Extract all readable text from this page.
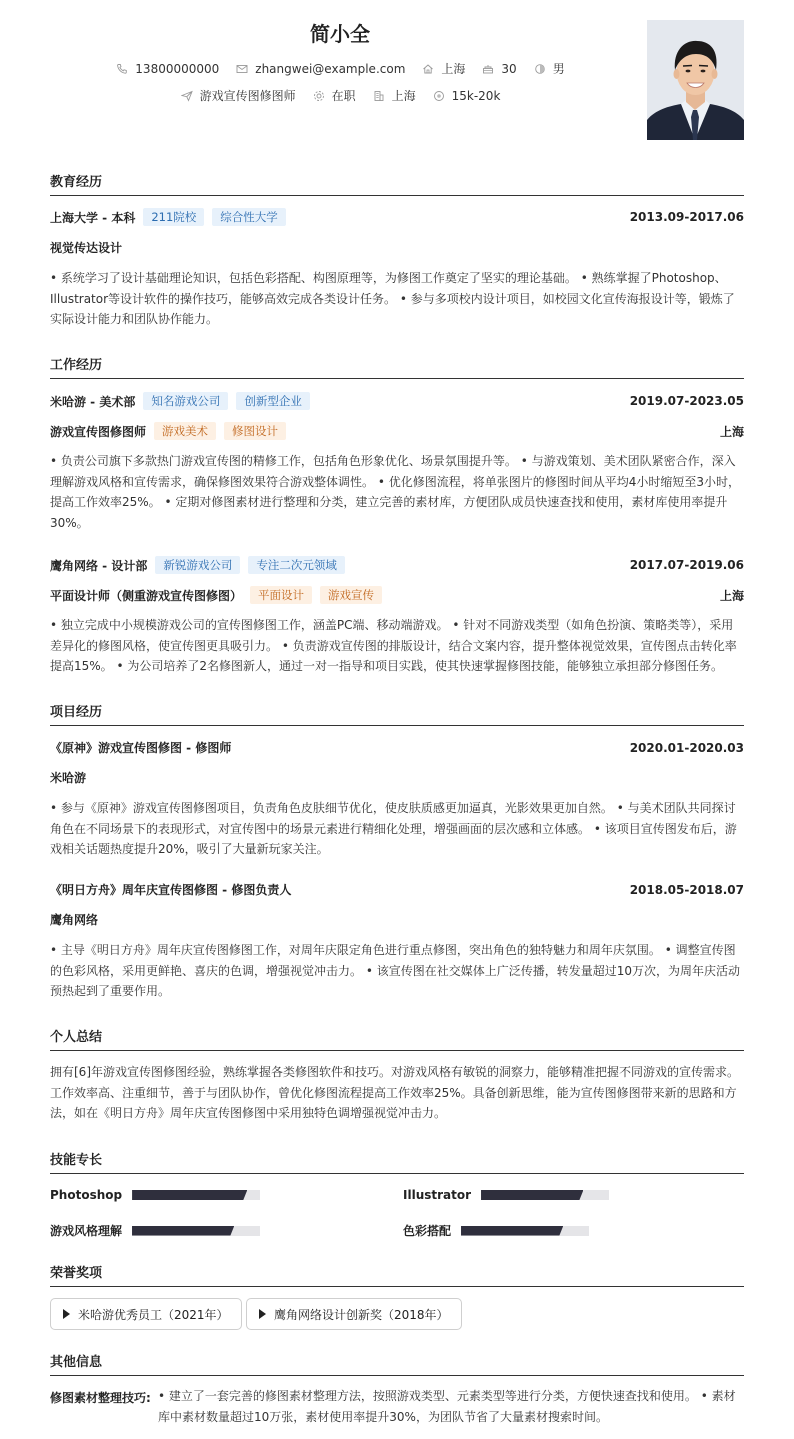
简小全
13800000000	zhangwei@example.com	上海	30	男
游戏宣传图修图师	在职	上海	15k-20k
教育经历
上海大学 - 本科	211院校	综合性大学	2013.09-2017.06
视觉传达设计
• 系统学习了设计基础理论知识，包括色彩搭配、构图原理等，为修图工作奠定了坚实的理论基础。 • 熟练掌握了Photoshop、Illustrator等设计软件的操作技巧，能够高效完成各类设计任务。 • 参与多项校内设计项目，如校园文化宣传海报设计等，锻炼了实际设计能力和团队协作能力。
工作经历
米哈游 - 美术部	知名游戏公司	创新型企业	2019.07-2023.05
游戏宣传图修图师	游戏美术	修图设计	上海
• 负责公司旗下多款热门游戏宣传图的精修工作，包括角色形象优化、场景氛围提升等。 • 与游戏策划、美术团队紧密合作，深入理解游戏风格和宣传需求，确保修图效果符合游戏整体调性。 • 优化修图流程，将单张图片的修图时间从平均4小时缩短至3小时，提高工作效率25%。 • 定期对修图素材进行整理和分类，建立完善的素材库，方便团队成员快速查找和使用，素材库使用率提升30%。
鹰角网络 - 设计部	新锐游戏公司	专注二次元领域	2017.07-2019.06
平面设计师（侧重游戏宣传图修图）	平面设计	游戏宣传	上海
• 独立完成中小规模游戏公司的宣传图修图工作，涵盖PC端、移动端游戏。 • 针对不同游戏类型（如角色扮演、策略类等），采用差异化的修图风格，使宣传图更具吸引力。 • 负责游戏宣传图的排版设计，结合文案内容，提升整体视觉效果，宣传图点击转化率提高15%。 • 为公司培养了2名修图新人，通过一对一指导和项目实践，使其快速掌握修图技能，能够独立承担部分修图任务。
项目经历
《原神》游戏宣传图修图 - 修图师	2020.01-2020.03
米哈游
• 参与《原神》游戏宣传图修图项目，负责角色皮肤细节优化，使皮肤质感更加逼真，光影效果更加自然。 • 与美术团队共同探讨角色在不同场景下的表现形式，对宣传图中的场景元素进行精细化处理，增强画面的层次感和立体感。 • 该项目宣传图发布后，游戏相关话题热度提升20%，吸引了大量新玩家关注。
《明日方舟》周年庆宣传图修图 - 修图负责人	2018.05-2018.07
鹰角网络
• 主导《明日方舟》周年庆宣传图修图工作，对周年庆限定角色进行重点修图，突出角色的独特魅力和周年庆氛围。 • 调整宣传图的色彩风格，采用更鲜艳、喜庆的色调，增强视觉冲击力。 • 该宣传图在社交媒体上广泛传播，转发量超过10万次，为周年庆活动预热起到了重要作用。
个人总结
拥有[6]年游戏宣传图修图经验，熟练掌握各类修图软件和技巧。对游戏风格有敏锐的洞察力，能够精准把握不同游戏的宣传需求。工作效率高、注重细节，善于与团队协作，曾优化修图流程提高工作效率25%。具备创新思维，能为宣传图修图带来新的思路和方法，如在《明日方舟》周年庆宣传图修图中采用独特色调增强视觉冲击力。
技能专长
Photoshop	Illustrator
游戏风格理解	色彩搭配
荣誉奖项
米哈游优秀员工（2021年）	鹰角网络设计创新奖（2018年）
其他信息
修图素材整理技巧: • 建立了一套完善的修图素材整理方法，按照游戏类型、元素类型等进行分类，方便快速查找和使用。 • 素材库中素材数量超过10万张，素材使用率提升30%，为团队节省了大量素材搜索时间。
